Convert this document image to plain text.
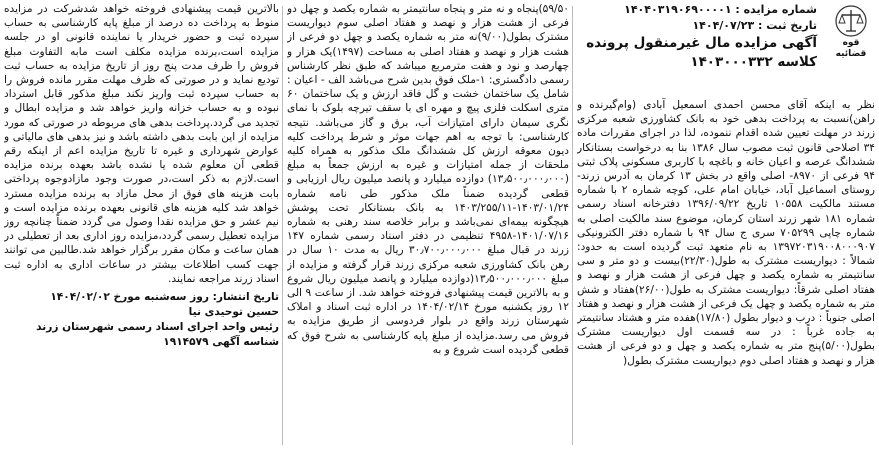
قوه قضائیه
شماره مزایده : ۱۴۰۴۰۳۱۹۰۶۹۰۰۰۰۱
تاریخ ثبت : ۱۴۰۴/۰۷/۲۳
آگهی مزایده مال غیرمنقول پرونده
کلاسه ۱۴۰۳۰۰۰۳۳۲

نظر به اینکه آقای محسن احمدی اسمعیل آبادی (وام‌گیرنده و راهن)نسبت به پرداخت بدهی خود به بانک کشاورزی شعبه مرکزی زرند در مهلت تعیین شده اقدام ننموده، لذا در اجرای مقررات ماده ۳۴ اصلاحی قانون ثبت مصوب سال ۱۳۸۶ بنا به درخواست بستانکار ششدانگ عرصه و اعیان خانه و باغچه با کاربری مسکونی پلاک ثبتی ۹۴ فرعی از ۸۹۷۰- اصلی واقع در بخش ۱۳ کرمان به آدرس زرند- روستای اسماعیل آباد، خیابان امام علی، کوچه شماره ۲ با شماره مستند مالکیت ۱۰۵۵۸ تاریخ ۱۳۹۶/۰۹/۲۲ دفترخانه اسناد رسمی شماره ۱۸۱ شهر زرند استان کرمان، موضوع سند مالکیت اصلی به شماره چاپی ۷۰۵۲۹۹ سری ج سال ۹۴ با شماره دفتر الکترونیکی ۱۳۹۷۲۰۳۱۹۰۰۸۰۰۰۹۰۷ به نام متعهد ثبت گردیده است به حدود: شمالاً : دیواریست مشترک به طول(۲۲/۳۰)بیست و دو متر و سی سانتیمتر به شماره یکصد و چهل فرعی از هشت هزار و نهصد و هفتاد اصلی شرقاً: دیواریست مشترک به طول(۲۶/۰۰)هفتاد و شش متر به شماره یکصد و چهل یک فرعی از هشت هزار و نهصد و هفتاد اصلی جنوباً : درب و دیوار بطول (۱۷/۸۰)هفده متر و هشتاد سانتیمتر به جاده غرباً : در سه قسمت اول دیواریست مشترک بطول(۵/۰۰)پنج متر به شماره یکصد و چهل و دو فرعی از هشت هزار و نهصد و هفتاد اصلی دوم دیواریست مشترک بطول(

۵۹/۵۰)پنجاه و نه متر و پنجاه سانتیمتر به شماره یکصد و چهل دو فرعی از هشت هزار و نهصد و هفتاد اصلی سوم دیواریست مشترک بطول(۹/۰۰)نه متر به شماره یکصد و چهل دو فرعی از هشت هزار و نهصد و هفتاد اصلی به مساحت (۱۴۹۷)یک هزار و چهارصد و نود و هفت مترمربع میباشد که طبق نظر کارشناس رسمی دادگستری: ۱-ملک فوق بدین شرح می‌باشد الف - اعیان : شامل یک ساختمان خشت و گل فاقد ارزش و یک ساختمان ۶۰ متری اسکلت فلزی پیچ و مهره ای با سقف تیرچه بلوک با نمای نگری سیمان دارای امتیازات آب، برق و گاز می‌باشد. نتیجه کارشناسی: با توجه به اهم جهات موثر و شرط پرداخت کلیه دیون معوقه ارزش کل ششدانگ ملک مذکور به همراه کلیه ملحقات از جمله امتیازات و غیره به ارزش جمعاً به مبلغ (۱۳٫۵۰۰٫۰۰۰٫۰۰۰) دوازده میلیارد و پانصد میلیون ریال ارزیابی و قطعی گردیده ضمناً ملک مذکور طی نامه شماره ۱۴۰۳/۰۱/۲۴-۱۴۰۳/۲۵۵/۱۱ به بانک بستانکار تحت پوشش هیچگونه بیمه‌ای نمی‌باشد و برابر خلاصه سند رهنی به شماره ۱۴۰۱/۰۷/۱۶-۴۹۵۸ تنظیمی در دفتر اسناد رسمی شماره ۱۴۷ زرند در قبال مبلغ ۳۰٫۷۰۰٫۰۰۰٫۰۰۰ ریال به مدت ۱۰ سال در رهن بانک کشاورزی شعبه مرکزی زرند قرار گرفته و مزایده از مبلغ ۱۳٫۵۰۰٫۰۰۰٫۰۰۰(دوازده میلیارد و پانصد میلیون ریال شروع و به بالاترین قیمت پیشنهادی فروخته خواهد شد. از ساعت ۹ الی ۱۲ روز یکشنبه مورخ ۱۴۰۴/۰۲/۱۴ در اداره ثبت اسناد و املاک شهرستان زرند واقع در بلوار فردوسی از طریق مزایده به فروش می رسد.مزایده از مبلغ پایه کارشناسی به شرح فوق که قطعی گردیده است شروع و به

بالاترین قیمت پیشنهادی فروخته خواهد شدشرکت در مزایده منوط به پرداخت ده درصد از مبلغ پایه کارشناسی به حساب سپرده ثبت و حضور خریدار یا نماینده قانونی او در جلسه مزایده است،برنده مزایده مکلف است مابه التفاوت مبلغ فروش را ظرف مدت پنج روز از تاریخ مزایده به حساب ثبت تودیع نماید و در صورتی که ظرف مهلت مقرر مانده فروش را به حساب سپرده ثبت واریز نکند مبلغ مذکور قابل استرداد نبوده و به حساب خزانه واریز خواهد شد و مزایده ابطال و تجدید می گردد.پرداخت بدهی های مربوطه در صورتی که مورد مزایده از این بابت بدهی داشته باشد و نیز بدهی های مالیاتی و عوارض شهرداری و غیره تا تاریخ مزایده اعم از اینکه رقم قطعی آن معلوم شده یا نشده باشد بعهده برنده مزایده است.لازم به ذکر است،در صورت وجود مازادوجوه پرداختی بابت هزینه های فوق از محل مازاد به برنده مزایده مسترد خواهد شد کلیه هزینه های قانونی بعهده برنده مزایده است و نیم عشر و حق مزایده نقدا وصول می گردد ضمناً چنانچه روز مزایده تعطیل رسمی گردد،مزایده روز اداری بعد از تعطیلی در همان ساعت و مکان مقرر برگزار خواهد شد.طالبین می توانند جهت کسب اطلاعات بیشتر در ساعات اداری به اداره ثبت اسناد زرند مراجعه نمایند.

تاریخ انتشار: روز سه‌شنبه مورخ ۱۴۰۴/۰۲/۰۲
حسین توحیدی نیا
رئیس واحد اجرای اسناد رسمی شهرستان زرند
شناسه آگهی ۱۹۱۴۵۷۹
